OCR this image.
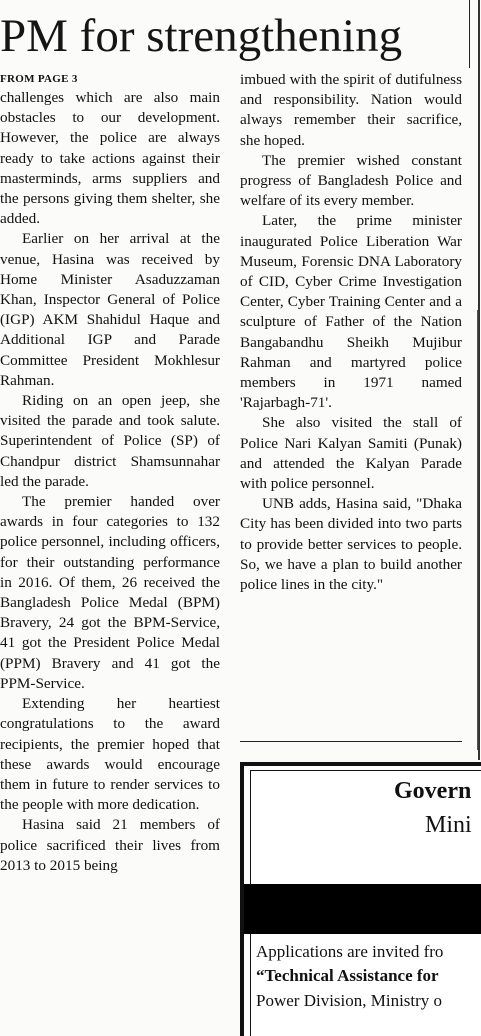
PM for strengthening
FROM PAGE 3

challenges which are also main obstacles to our development. However, the police are always ready to take actions against their masterminds, arms suppliers and the persons giving them shelter, she added.

Earlier on her arrival at the venue, Hasina was received by Home Minister Asaduzzaman Khan, Inspector General of Police (IGP) AKM Shahidul Haque and Additional IGP and Parade Committee President Mokhlesur Rahman.

Riding on an open jeep, she visited the parade and took salute. Superintendent of Police (SP) of Chandpur district Shamsunnahar led the parade.

The premier handed over awards in four categories to 132 police personnel, including officers, for their outstanding performance in 2016. Of them, 26 received the Bangladesh Police Medal (BPM) Bravery, 24 got the BPM-Service, 41 got the President Police Medal (PPM) Bravery and 41 got the PPM-Service.

Extending her heartiest congratulations to the award recipients, the premier hoped that these awards would encourage them in future to render services to the people with more dedication.

Hasina said 21 members of police sacrificed their lives from 2013 to 2015 being

imbued with the spirit of dutifulness and responsibility. Nation would always remember their sacrifice, she hoped.

The premier wished constant progress of Bangladesh Police and welfare of its every member.

Later, the prime minister inaugurated Police Liberation War Museum, Forensic DNA Laboratory of CID, Cyber Crime Investigation Center, Cyber Training Center and a sculpture of Father of the Nation Bangabandhu Sheikh Mujibur Rahman and martyred police members in 1971 named 'Rajarbagh-71'.

She also visited the stall of Police Nari Kalyan Samiti (Punak) and attended the Kalyan Parade with police personnel.

UNB adds, Hasina said, "Dhaka City has been divided into two parts to provide better services to people. So, we have a plan to build another police lines in the city."

Govern
Mini
Applications are invited fro
“Technical Assistance for
Power Division, Ministry o
